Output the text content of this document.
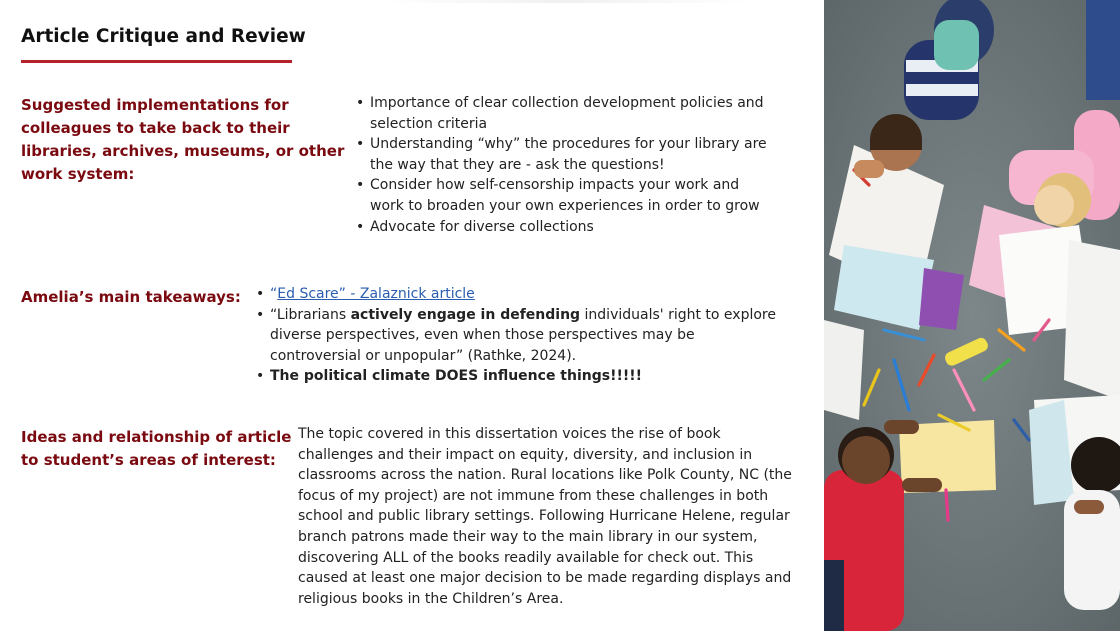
Article Critique and Review
Suggested implementations for
colleagues to take back to their
libraries, archives, museums, or other
work system:
• Importance of clear collection development policies and selection criteria
• Understanding “why” the procedures for your library are the way that they are - ask the questions!
• Consider how self-censorship impacts your work and work to broaden your own experiences in order to grow
• Advocate for diverse collections
Amelia’s main takeaways:
•	“Ed Scare” - Zalaznick article
• “Librarians actively engage in defending individuals' right to explore diverse perspectives, even when those perspectives may be controversial or unpopular” (Rathke, 2024).
• The political climate DOES influence things!!!!!
Ideas and relationship of article
to student’s areas of interest:
The topic covered in this dissertation voices the rise of book challenges and their impact on equity, diversity, and inclusion in classrooms across the nation. Rural locations like Polk County, NC (the focus of my project) are not immune from these challenges in both school and public library settings. Following Hurricane Helene, regular branch patrons made their way to the main library in our system, discovering ALL of the books readily available for check out. This caused at least one major decision to be made regarding displays and religious books in the Children’s Area.
